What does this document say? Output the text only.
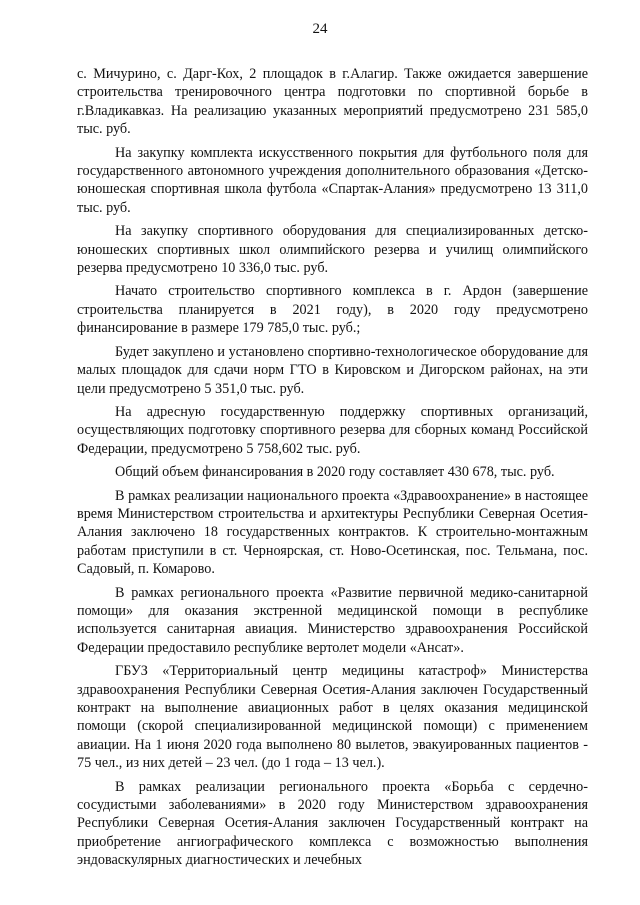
24

с. Мичурино, с. Дарг-Кох, 2 площадок в г.Алагир. Также ожидается завершение строительства тренировочного центра подготовки по спортивной борьбе в г.Владикавказ. На реализацию указанных мероприятий предусмотрено 231 585,0 тыс. руб.

На закупку комплекта искусственного покрытия для футбольного поля для государственного автономного учреждения дополнительного образования «Детско-юношеская спортивная школа футбола «Спартак-Алания» предусмотрено 13 311,0 тыс. руб.

На закупку спортивного оборудования для специализированных детско-юношеских спортивных школ олимпийского резерва и училищ олимпийского резерва предусмотрено 10 336,0 тыс. руб.

Начато строительство спортивного комплекса в г. Ардон (завершение строительства планируется в 2021 году), в 2020 году предусмотрено финансирование в размере 179 785,0 тыс. руб.;

Будет закуплено и установлено спортивно-технологическое оборудование для малых площадок для сдачи норм ГТО в Кировском и Дигорском районах, на эти цели предусмотрено 5 351,0 тыс. руб.

На адресную государственную поддержку спортивных организаций, осуществляющих подготовку спортивного резерва для сборных команд Российской Федерации, предусмотрено 5 758,602 тыс. руб.

Общий объем финансирования в 2020 году составляет 430 678, тыс. руб.

В рамках реализации национального проекта «Здравоохранение» в настоящее время Министерством строительства и архитектуры Республики Северная Осетия-Алания заключено 18 государственных контрактов. К строительно-монтажным работам приступили в ст. Черноярская, ст. Ново-Осетинская, пос. Тельмана, пос. Садовый, п. Комарово.

В рамках регионального проекта «Развитие первичной медико-санитарной помощи» для оказания экстренной медицинской помощи в республике используется санитарная авиация. Министерство здравоохранения Российской Федерации предоставило республике вертолет модели «Ансат».

ГБУЗ «Территориальный центр медицины катастроф» Министерства здравоохранения Республики Северная Осетия-Алания заключен Государственный контракт на выполнение авиационных работ в целях оказания медицинской помощи (скорой специализированной медицинской помощи) с применением авиации. На 1 июня 2020 года выполнено 80 вылетов, эвакуированных пациентов - 75 чел., из них детей – 23 чел. (до 1 года – 13 чел.).

В рамках реализации регионального проекта «Борьба с сердечно-сосудистыми заболеваниями» в 2020 году Министерством здравоохранения Республики Северная Осетия-Алания заключен Государственный контракт на приобретение ангиографического комплекса с возможностью выполнения эндоваскулярных диагностических и лечебных
